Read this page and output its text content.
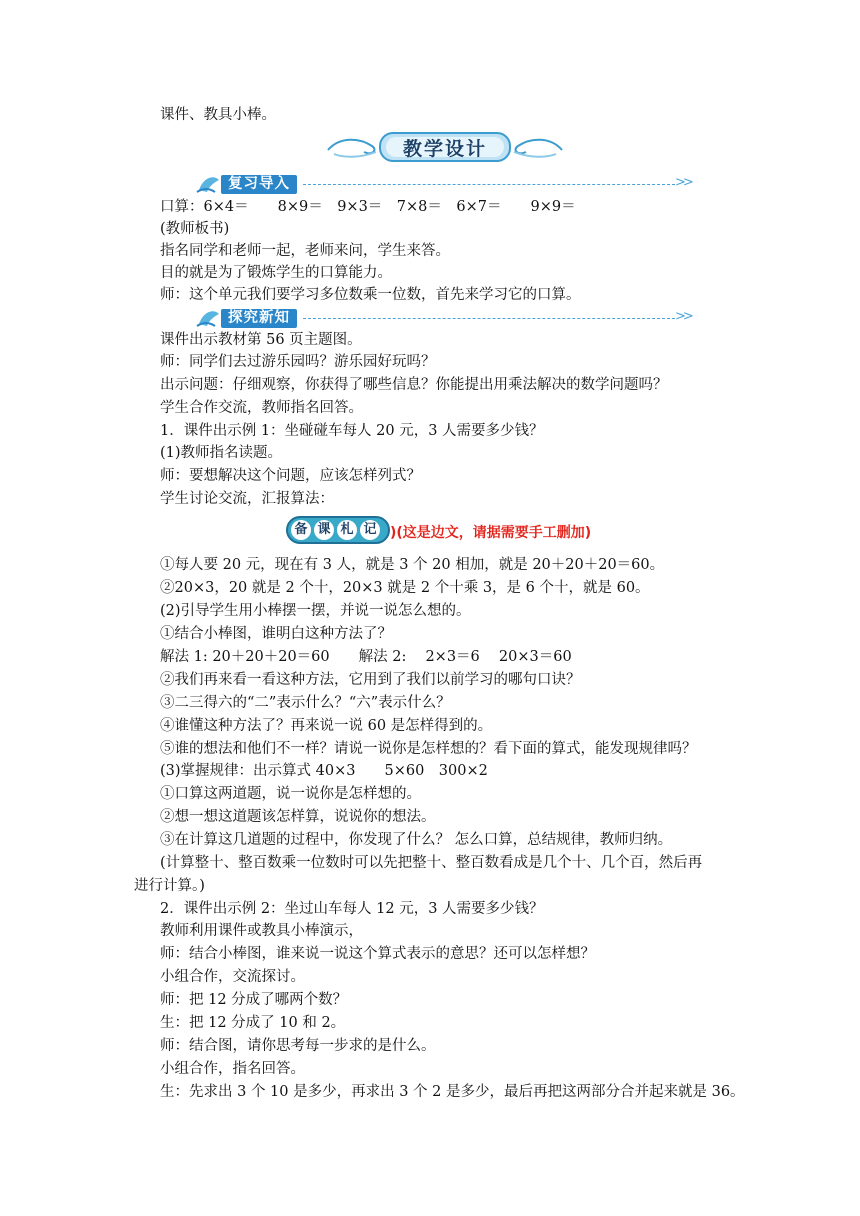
课件、教具小棒。
教学设计
复习导入	>>
口算：6×4＝　　8×9＝　9×3＝　7×8＝　6×7＝　　9×9＝
(教师板书)
指名同学和老师一起，老师来问，学生来答。
目的就是为了锻炼学生的口算能力。
师：这个单元我们要学习多位数乘一位数，首先来学习它的口算。
探究新知	>>
课件出示教材第 56 页主题图。
师：同学们去过游乐园吗？游乐园好玩吗？
出示问题：仔细观察，你获得了哪些信息？你能提出用乘法解决的数学问题吗？
学生合作交流，教师指名回答。
1．课件出示例 1：坐碰碰车每人 20 元，3 人需要多少钱？
(1)教师指名读题。
师：要想解决这个问题，应该怎样列式？
学生讨论交流，汇报算法：
备 课 札 记 )(这是边文，请据需要手工删加)
①每人要 20 元，现在有 3 人，就是 3 个 20 相加，就是 20＋20＋20＝60。
②20×3，20 就是 2 个十，20×3 就是 2 个十乘 3，是 6 个十，就是 60。
(2)引导学生用小棒摆一摆，并说一说怎么想的。
①结合小棒图，谁明白这种方法了？
解法 1: 20＋20＋20＝60　　解法 2:　 2×3＝6　 20×3＝60
②我们再来看一看这种方法，它用到了我们以前学习的哪句口诀？
③二三得六的“二”表示什么？“六”表示什么？
④谁懂这种方法了？再来说一说 60 是怎样得到的。
⑤谁的想法和他们不一样？请说一说你是怎样想的？看下面的算式，能发现规律吗？
(3)掌握规律：出示算式 40×3　　5×60　300×2
①口算这两道题，说一说你是怎样想的。
②想一想这道题该怎样算，说说你的想法。
③在计算这几道题的过程中，你发现了什么？ 怎么口算，总结规律，教师归纳。
(计算整十、整百数乘一位数时可以先把整十、整百数看成是几个十、几个百，然后再
进行计算。)
2．课件出示例 2：坐过山车每人 12 元，3 人需要多少钱？
教师利用课件或教具小棒演示，
师：结合小棒图，谁来说一说这个算式表示的意思？还可以怎样想？
小组合作，交流探讨。
师：把 12 分成了哪两个数？
生：把 12 分成了 10 和 2。
师：结合图，请你思考每一步求的是什么。
小组合作，指名回答。
生：先求出 3 个 10 是多少，再求出 3 个 2 是多少，最后再把这两部分合并起来就是 36。
